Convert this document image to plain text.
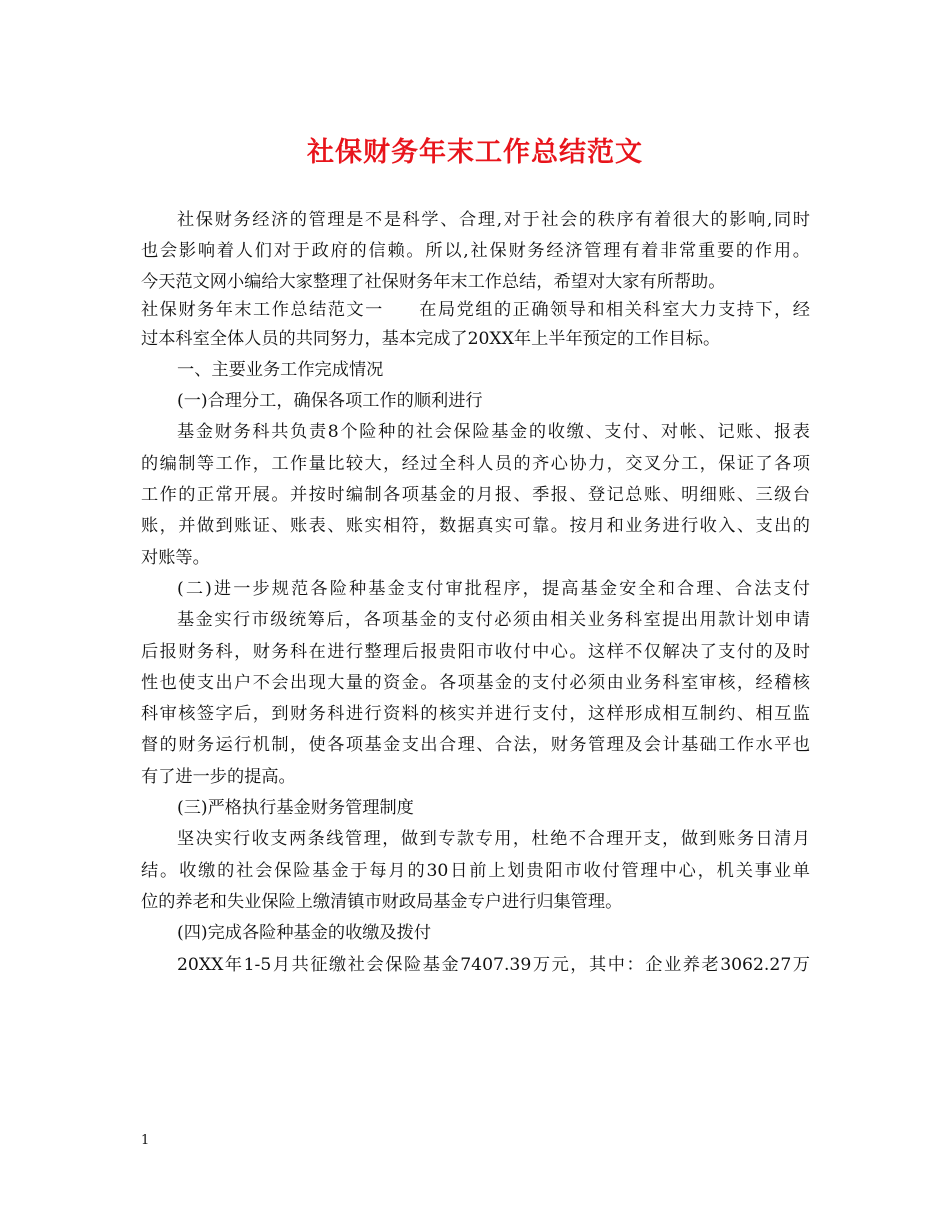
社保财务年末工作总结范文
社保财务经济的管理是不是科学、合理,对于社会的秩序有着很大的影响,同时
也会影响着人们对于政府的信赖。所以,社保财务经济管理有着非常重要的作用。
今天范文网小编给大家整理了社保财务年末工作总结，希望对大家有所帮助。
社保财务年末工作总结范文一 在局党组的正确领导和相关科室大力支持下，经
过本科室全体人员的共同努力，基本完成了20XX年上半年预定的工作目标。
一、主要业务工作完成情况
(一)合理分工，确保各项工作的顺利进行
基金财务科共负责8个险种的社会保险基金的收缴、支付、对帐、记账、报表
的编制等工作，工作量比较大，经过全科人员的齐心协力，交叉分工，保证了各项
工作的正常开展。并按时编制各项基金的月报、季报、登记总账、明细账、三级台
账，并做到账证、账表、账实相符，数据真实可靠。按月和业务进行收入、支出的
对账等。
(二)进一步规范各险种基金支付审批程序，提高基金安全和合理、合法支付
基金实行市级统筹后，各项基金的支付必须由相关业务科室提出用款计划申请
后报财务科，财务科在进行整理后报贵阳市收付中心。这样不仅解决了支付的及时
性也使支出户不会出现大量的资金。各项基金的支付必须由业务科室审核，经稽核
科审核签字后，到财务科进行资料的核实并进行支付，这样形成相互制约、相互监
督的财务运行机制，使各项基金支出合理、合法，财务管理及会计基础工作水平也
有了进一步的提高。
(三)严格执行基金财务管理制度
坚决实行收支两条线管理，做到专款专用，杜绝不合理开支，做到账务日清月
结。收缴的社会保险基金于每月的30日前上划贵阳市收付管理中心，机关事业单
位的养老和失业保险上缴清镇市财政局基金专户进行归集管理。
(四)完成各险种基金的收缴及拨付
20XX年1-5月共征缴社会保险基金7407.39万元，其中：企业养老3062.27万
1
